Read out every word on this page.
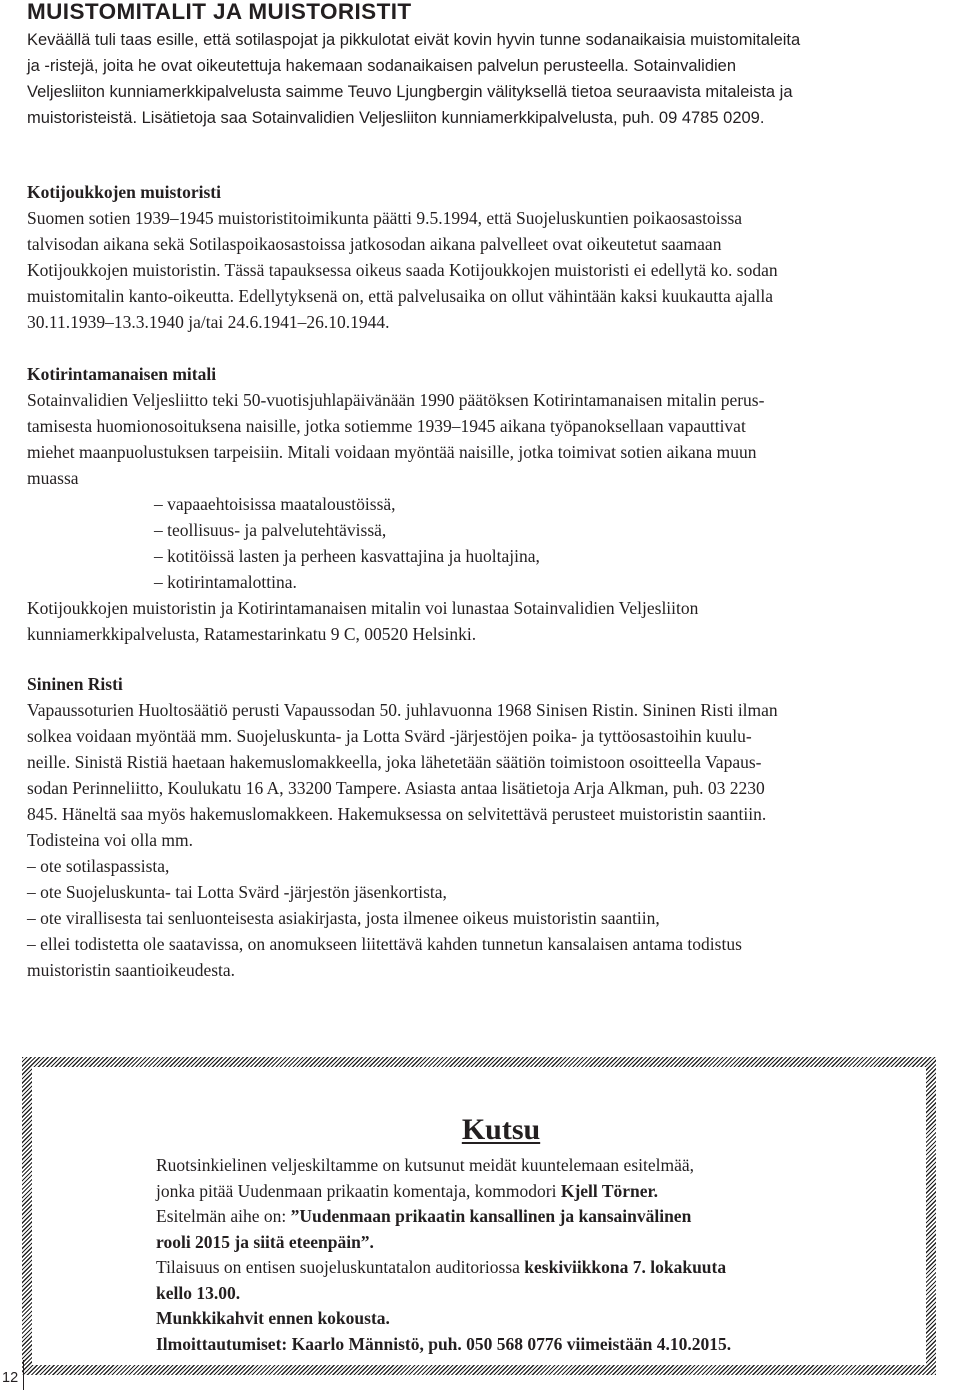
MUISTOMITALIT JA MUISTORISTIT
Keväällä tuli taas esille, että sotilaspojat ja pikkulotat eivät kovin hyvin tunne sodanaikaisia muistomitaleita
ja -ristejä, joita he ovat oikeutettuja hakemaan sodanaikaisen palvelun perusteella. Sotainvalidien
Veljesliiton kunniamerkkipalvelusta saimme Teuvo Ljungbergin välityksellä tietoa seuraavista mitaleista ja
muistoristeistä. Lisätietoja saa Sotainvalidien Veljesliiton kunniamerkkipalvelusta, puh. 09 4785 0209.
Kotijoukkojen muistoristi
Suomen sotien 1939–1945 muistoristitoimikunta päätti 9.5.1994, että Suojeluskuntien poikaosastoissa
talvisodan aikana sekä Sotilaspoikaosastoissa jatkosodan aikana palvelleet ovat oikeutetut saamaan
Kotijoukkojen muistoristin. Tässä tapauksessa oikeus saada Kotijoukkojen muistoristi ei edellytä ko. sodan
muistomitalin kanto-oikeutta. Edellytyksenä on, että palvelusaika on ollut vähintään kaksi kuukautta ajalla
30.11.1939–13.3.1940 ja/tai 24.6.1941–26.10.1944.
Kotirintamanaisen mitali
Sotainvalidien Veljesliitto teki 50-vuotisjuhlapäivänään 1990 päätöksen Kotirintamanaisen mitalin perus-
tamisesta huomionosoituksena naisille, jotka sotiemme 1939–1945 aikana työpanoksellaan vapauttivat
miehet maanpuolustuksen tarpeisiin. Mitali voidaan myöntää naisille, jotka toimivat sotien aikana muun
muassa
– vapaaehtoisissa maataloustöissä,
– teollisuus- ja palvelutehtävissä,
– kotitöissä lasten ja perheen kasvattajina ja huoltajina,
– kotirintamalottina.
Kotijoukkojen muistoristin ja Kotirintamanaisen mitalin voi lunastaa Sotainvalidien Veljesliiton
kunniamerkkipalvelusta, Ratamestarinkatu 9 C, 00520 Helsinki.
Sininen Risti
Vapaussoturien Huoltosäätiö perusti Vapaussodan 50. juhlavuonna 1968 Sinisen Ristin. Sininen Risti ilman
solkea voidaan myöntää mm. Suojeluskunta- ja Lotta Svärd -järjestöjen poika- ja tyttöosastoihin kuulu-
neille. Sinistä Ristiä haetaan hakemuslomakkeella, joka lähetetään säätiön toimistoon osoitteella Vapaus-
sodan Perinneliitto, Koulukatu 16 A, 33200 Tampere. Asiasta antaa lisätietoja Arja Alkman, puh. 03 2230
845. Häneltä saa myös hakemuslomakkeen. Hakemuksessa on selvitettävä perusteet muistoristin saantiin.
Todisteina voi olla mm.
– ote sotilaspassista,
– ote Suojeluskunta- tai Lotta Svärd -järjestön jäsenkortista,
– ote virallisesta tai senluonteisesta asiakirjasta, josta ilmenee oikeus muistoristin saantiin,
– ellei todistetta ole saatavissa, on anomukseen liitettävä kahden tunnetun kansalaisen antama todistus
muistoristin saantioikeudesta.
Kutsu
Ruotsinkielinen veljeskiltamme on kutsunut meidät kuuntelemaan esitelmää,
jonka pitää Uudenmaan prikaatin komentaja, kommodori Kjell Törner.
Esitelmän aihe on: ”Uudenmaan prikaatin kansallinen ja kansainvälinen
rooli 2015 ja siitä eteenpäin”.
Tilaisuus on entisen suojeluskuntatalon auditoriossa keskiviikkona 7. lokakuuta
kello 13.00.
Munkkikahvit ennen kokousta.
Ilmoittautumiset: Kaarlo Männistö, puh. 050 568 0776 viimeistään 4.10.2015.
12
